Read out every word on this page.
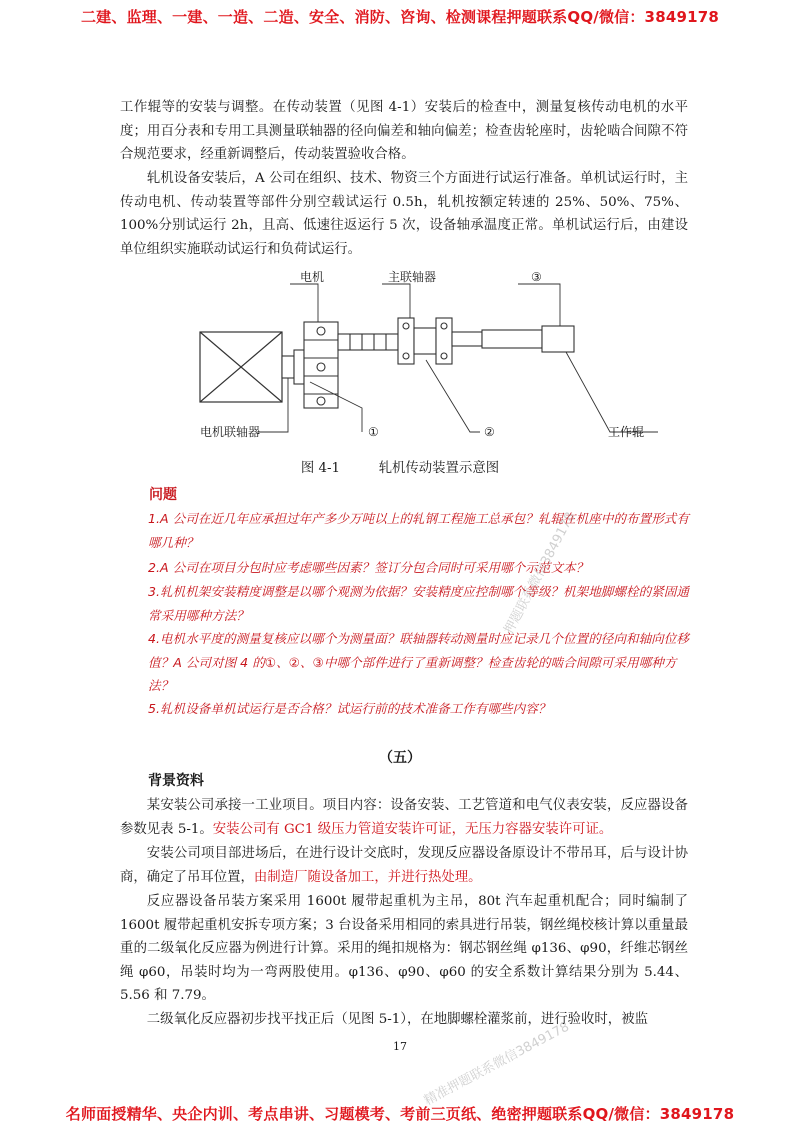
二建、监理、一建、一造、二造、安全、消防、咨询、检测课程押题联系QQ/微信：3849178

工作辊等的安装与调整。在传动装置（见图 4-1）安装后的检查中，测量复核传动电机的水平度；用百分表和专用工具测量联轴器的径向偏差和轴向偏差；检查齿轮座时，齿轮啮合间隙不符合规范要求，经重新调整后，传动装置验收合格。

轧机设备安装后，A 公司在组织、技术、物资三个方面进行试运行准备。单机试运行时，主传动电机、传动装置等部件分别空载试运行 0.5h，轧机按额定转速的 25%、50%、75%、100%分别试运行 2h，且高、低速往返运行 5 次，设备轴承温度正常。单机试运行后，由建设单位组织实施联动试运行和负荷试运行。

电机	主联轴器	③
电机联轴器	①	②	工作辊
图 4-1	轧机传动装置示意图
问题

1.A 公司在近几年应承担过年产多少万吨以上的轧钢工程施工总承包？轧辊在机座中的布置形式有哪几种？

2.A 公司在项目分包时应考虑哪些因素？签订分包合同时可采用哪个示范文本？

3.轧机机架安装精度调整是以哪个观测为依据？安装精度应控制哪个等级？机架地脚螺栓的紧固通常采用哪种方法？

4.电机水平度的测量复核应以哪个为测量面？联轴器转动测量时应记录几个位置的径向和轴向位移值？A 公司对图 4 的①、②、③中哪个部件进行了重新调整？检查齿轮的啮合间隙可采用哪种方法？

5.轧机设备单机试运行是否合格？试运行前的技术准备工作有哪些内容？

（五）
背景资料

某安装公司承接一工业项目。项目内容：设备安装、工艺管道和电气仪表安装，反应器设备参数见表 5-1。安装公司有 GC1 级压力管道安装许可证，无压力容器安装许可证。

安装公司项目部进场后，在进行设计交底时，发现反应器设备原设计不带吊耳，后与设计协商，确定了吊耳位置，由制造厂随设备加工，并进行热处理。

反应器设备吊装方案采用 1600t 履带起重机为主吊，80t 汽车起重机配合；同时编制了 1600t 履带起重机安拆专项方案；3 台设备采用相同的索具进行吊装，钢丝绳校核计算以重量最重的二级氧化反应器为例进行计算。采用的绳扣规格为：钢芯钢丝绳 φ136、φ90，纤维芯钢丝绳 φ60，吊装时均为一弯两股使用。φ136、φ90、φ60 的安全系数计算结果分别为 5.44、5.56 和 7.79。

二级氧化反应器初步找平找正后（见图 5-1），在地脚螺栓灌浆前，进行验收时，被监

17
押题联系微信3849178
精准押题联系微信3849178
名师面授精华、央企内训、考点串讲、习题模考、考前三页纸、绝密押题联系QQ/微信：3849178
